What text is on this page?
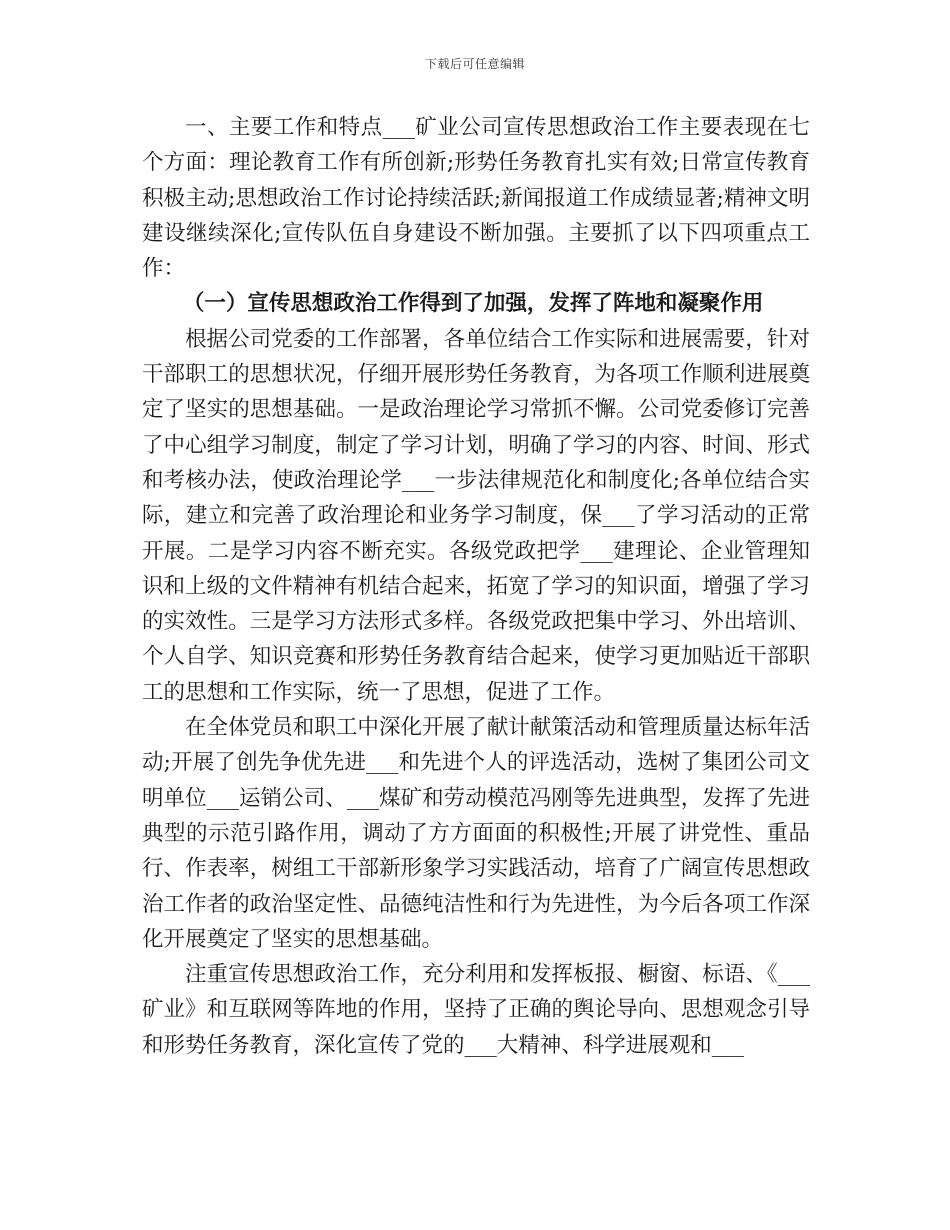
下载后可任意编辑

一、主要工作和特点___矿业公司宣传思想政治工作主要表现在七个方面：理论教育工作有所创新;形势任务教育扎实有效;日常宣传教育积极主动;思想政治工作讨论持续活跃;新闻报道工作成绩显著;精神文明建设继续深化;宣传队伍自身建设不断加强。主要抓了以下四项重点工作：

（一）宣传思想政治工作得到了加强，发挥了阵地和凝聚作用

根据公司党委的工作部署，各单位结合工作实际和进展需要，针对干部职工的思想状况，仔细开展形势任务教育，为各项工作顺利进展奠定了坚实的思想基础。一是政治理论学习常抓不懈。公司党委修订完善了中心组学习制度，制定了学习计划，明确了学习的内容、时间、形式和考核办法，使政治理论学___一步法律规范化和制度化;各单位结合实际，建立和完善了政治理论和业务学习制度，保___了学习活动的正常开展。二是学习内容不断充实。各级党政把学___建理论、企业管理知识和上级的文件精神有机结合起来，拓宽了学习的知识面，增强了学习的实效性。三是学习方法形式多样。各级党政把集中学习、外出培训、个人自学、知识竞赛和形势任务教育结合起来，使学习更加贴近干部职工的思想和工作实际，统一了思想，促进了工作。

在全体党员和职工中深化开展了献计献策活动和管理质量达标年活动;开展了创先争优先进___和先进个人的评选活动，选树了集团公司文明单位___运销公司、___煤矿和劳动模范冯刚等先进典型，发挥了先进典型的示范引路作用，调动了方方面面的积极性;开展了讲党性、重品行、作表率，树组工干部新形象学习实践活动，培育了广阔宣传思想政治工作者的政治坚定性、品德纯洁性和行为先进性，为今后各项工作深化开展奠定了坚实的思想基础。

注重宣传思想政治工作，充分利用和发挥板报、橱窗、标语、《___矿业》和互联网等阵地的作用，坚持了正确的舆论导向、思想观念引导和形势任务教育，深化宣传了党的___大精神、科学进展观和___
